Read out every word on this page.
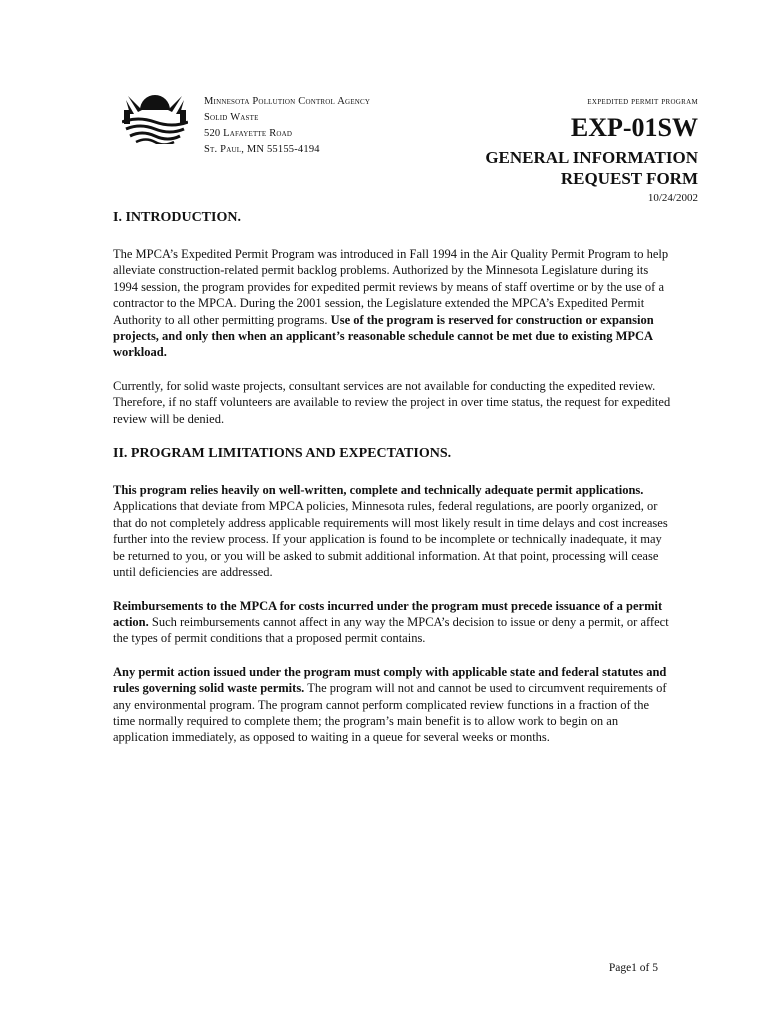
Minnesota Pollution Control Agency
Solid Waste
520 Lafayette Road
St. Paul, MN 55155-4194
expedited permit program
EXP-01SW
GENERAL INFORMATION
REQUEST FORM
10/24/2002
I. INTRODUCTION.

The MPCA’s Expedited Permit Program was introduced in Fall 1994 in the Air Quality Permit Program to help alleviate construction-related permit backlog problems. Authorized by the Minnesota Legislature during its 1994 session, the program provides for expedited permit reviews by means of staff overtime or by the use of a contractor to the MPCA. During the 2001 session, the Legislature extended the MPCA’s Expedited Permit Authority to all other permitting programs. Use of the program is reserved for construction or expansion projects, and only then when an applicant’s reasonable schedule cannot be met due to existing MPCA workload.

Currently, for solid waste projects, consultant services are not available for conducting the expedited review. Therefore, if no staff volunteers are available to review the project in over time status, the request for expedited review will be denied.

II. PROGRAM LIMITATIONS AND EXPECTATIONS.

This program relies heavily on well-written, complete and technically adequate permit applications. Applications that deviate from MPCA policies, Minnesota rules, federal regulations, are poorly organized, or that do not completely address applicable requirements will most likely result in time delays and cost increases further into the review process. If your application is found to be incomplete or technically inadequate, it may be returned to you, or you will be asked to submit additional information. At that point, processing will cease until deficiencies are addressed.

Reimbursements to the MPCA for costs incurred under the program must precede issuance of a permit action. Such reimbursements cannot affect in any way the MPCA’s decision to issue or deny a permit, or affect the types of permit conditions that a proposed permit contains.

Any permit action issued under the program must comply with applicable state and federal statutes and rules governing solid waste permits. The program will not and cannot be used to circumvent requirements of any environmental program. The program cannot perform complicated review functions in a fraction of the time normally required to complete them; the program’s main benefit is to allow work to begin on an application immediately, as opposed to waiting in a queue for several weeks or months.

Page1 of 5
